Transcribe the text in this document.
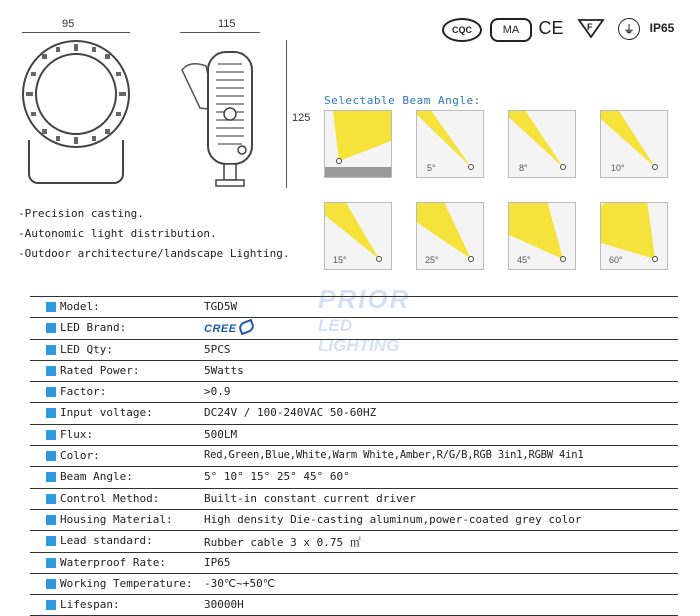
95	115
125
CQC	MA	CE	F	⏚	IP65
Selectable Beam Angle:
5°	8°	10°
15°	25°	45°	60°
-Precision casting.
-Autonomic light distribution.
-Outdoor architecture/landscape Lighting.
PRIOR
LED LIGHTING
Model:	TGD5W
LED Brand:	CREE
LED Qty:	5PCS
Rated Power:	5Watts
Factor:	>0.9
Input voltage:	DC24V / 100-240VAC 50-60HZ
Flux:	500LM
Color:	Red,Green,Blue,White,Warm White,Amber,R/G/B,RGB 3in1,RGBW 4in1
Beam Angle:	5° 10° 15° 25° 45° 60°
Control Method:	Built-in constant current driver
Housing Material:	High density Die-casting aluminum,power-coated grey color
Lead standard:	Rubber cable 3 x 0.75 ㎡
Waterproof Rate:	IP65
Working Temperature: -30℃~+50℃
Lifespan:	30000H
